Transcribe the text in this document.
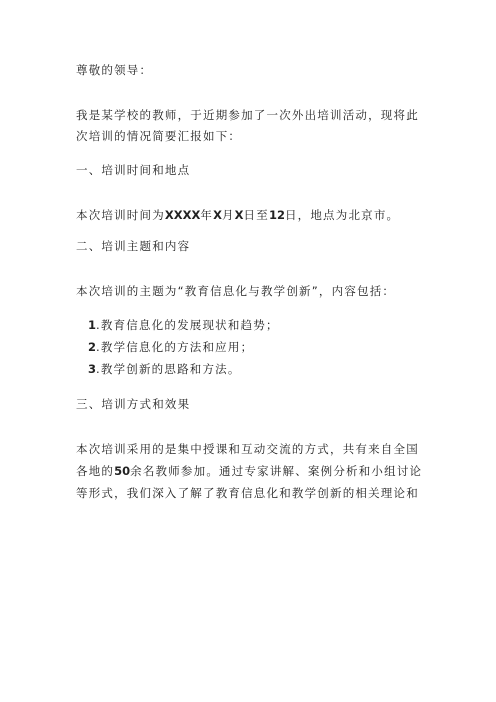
尊敬的领导：
我是某学校的教师，于近期参加了一次外出培训活动，现将此
次培训的情况简要汇报如下：
一、培训时间和地点
本次培训时间为XXXX年X月X日至12日，地点为北京市。
二、培训主题和内容
本次培训的主题为“教育信息化与教学创新”，内容包括：
1.教育信息化的发展现状和趋势；
2.教学信息化的方法和应用；
3.教学创新的思路和方法。
三、培训方式和效果
本次培训采用的是集中授课和互动交流的方式，共有来自全国
各地的50余名教师参加。通过专家讲解、案例分析和小组讨论
等形式，我们深入了解了教育信息化和教学创新的相关理论和
